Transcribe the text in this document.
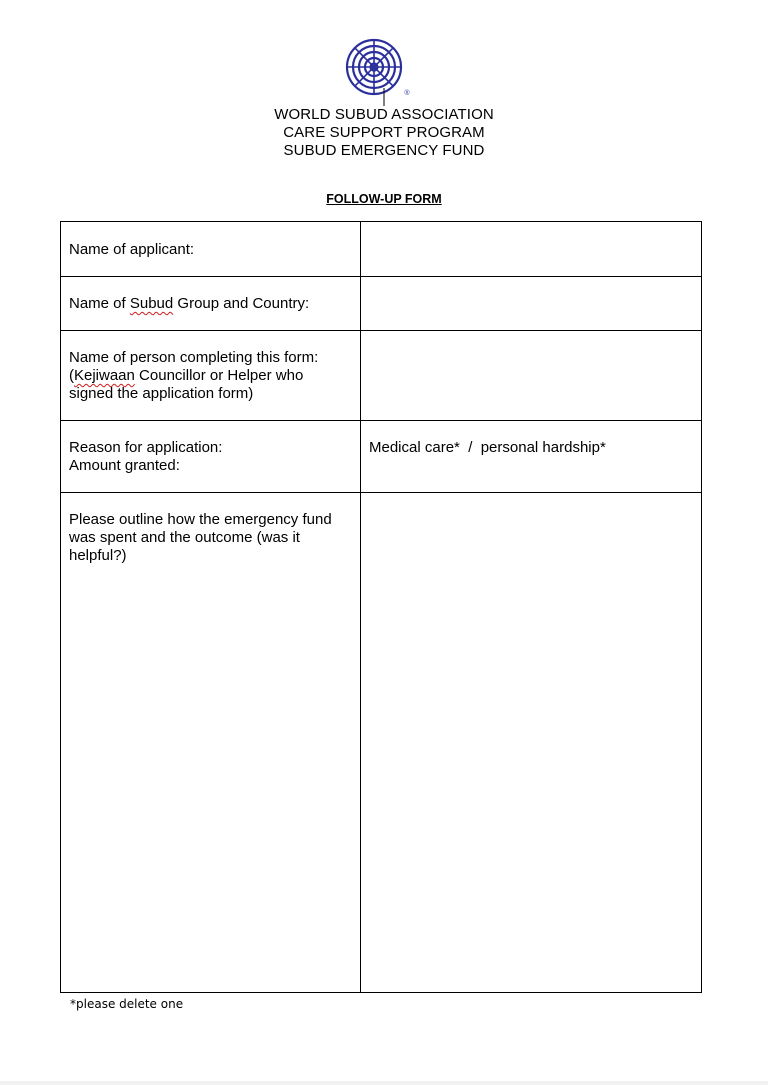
®
WORLD SUBUD ASSOCIATION
CARE SUPPORT PROGRAM
SUBUD EMERGENCY FUND
FOLLOW-UP FORM
Name of applicant:
Name of Subud Group and Country:
Name of person completing this form:
(Kejiwaan Councillor or Helper who
signed the application form)
Reason for application:
Amount granted:
Medical care*  /  personal hardship*
Please outline how the emergency fund
was spent and the outcome (was it
helpful?)
*please delete one
